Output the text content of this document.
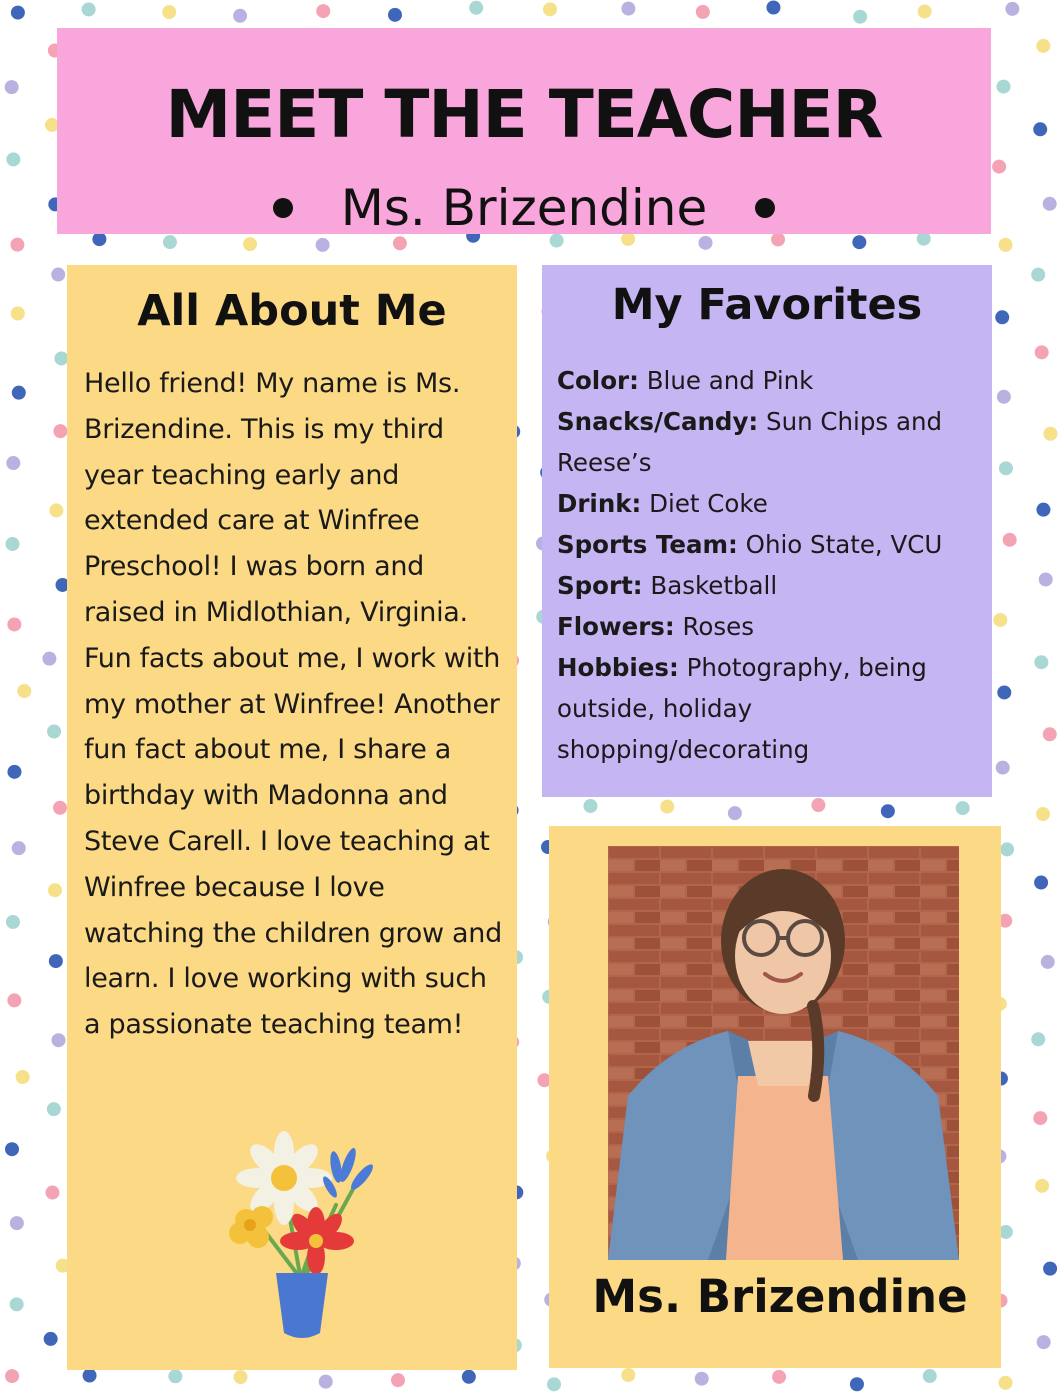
MEET THE TEACHER
Ms. Brizendine
All About Me
Hello friend! My name is Ms. Brizendine. This is my third year teaching early and extended care at Winfree Preschool! I was born and raised in Midlothian, Virginia. Fun facts about me, I work with my mother at Winfree! Another fun fact about me, I share a birthday with Madonna and Steve Carell. I love teaching at Winfree because I love watching the children grow and learn. I love working with such a passionate teaching team!
My Favorites
Color: Blue and Pink
Snacks/Candy: Sun Chips and Reese’s
Drink: Diet Coke
Sports Team: Ohio State, VCU
Sport: Basketball
Flowers: Roses
Hobbies: Photography, being outside, holiday shopping/decorating
Ms. Brizendine
